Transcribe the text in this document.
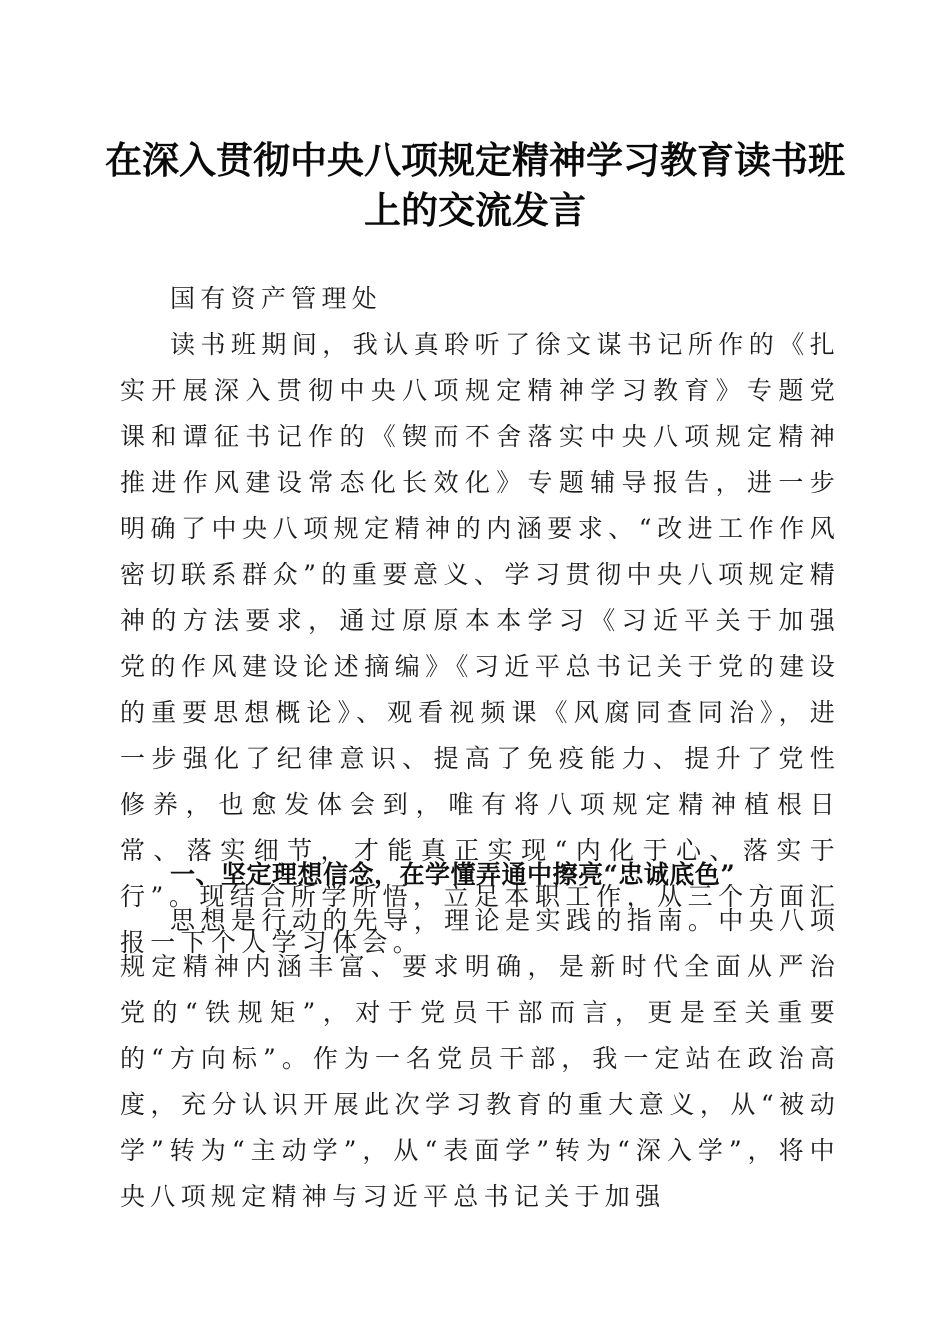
在深入贯彻中央八项规定精神学习教育读书班
上的交流发言
国有资产管理处
读书班期间，我认真聆听了徐文谋书记所作的《扎实开展深入贯彻中央八项规定精神学习教育》专题党课和谭征书记作的《锲而不舍落实中央八项规定精神推进作风建设常态化长效化》专题辅导报告，进一步明确了中央八项规定精神的内涵要求、“改进工作作风密切联系群众”的重要意义、学习贯彻中央八项规定精神的方法要求，通过原原本本学习《习近平关于加强党的作风建设论述摘编》《习近平总书记关于党的建设的重要思想概论》、观看视频课《风腐同查同治》，进一步强化了纪律意识、提高了免疫能力、提升了党性修养，也愈发体会到，唯有将八项规定精神植根日常、落实细节，才能真正实现“内化于心、落实于行”。现结合所学所悟，立足本职工作，从三个方面汇报一下个人学习体会。
一、坚定理想信念，在学懂弄通中擦亮“忠诚底色”
思想是行动的先导，理论是实践的指南。中央八项规定精神内涵丰富、要求明确，是新时代全面从严治党的“铁规矩”，对于党员干部而言，更是至关重要的“方向标”。作为一名党员干部，我一定站在政治高度，充分认识开展此次学习教育的重大意义，从“被动学”转为“主动学”，从“表面学”转为“深入学”，将中央八项规定精神与习近平总书记关于加强
